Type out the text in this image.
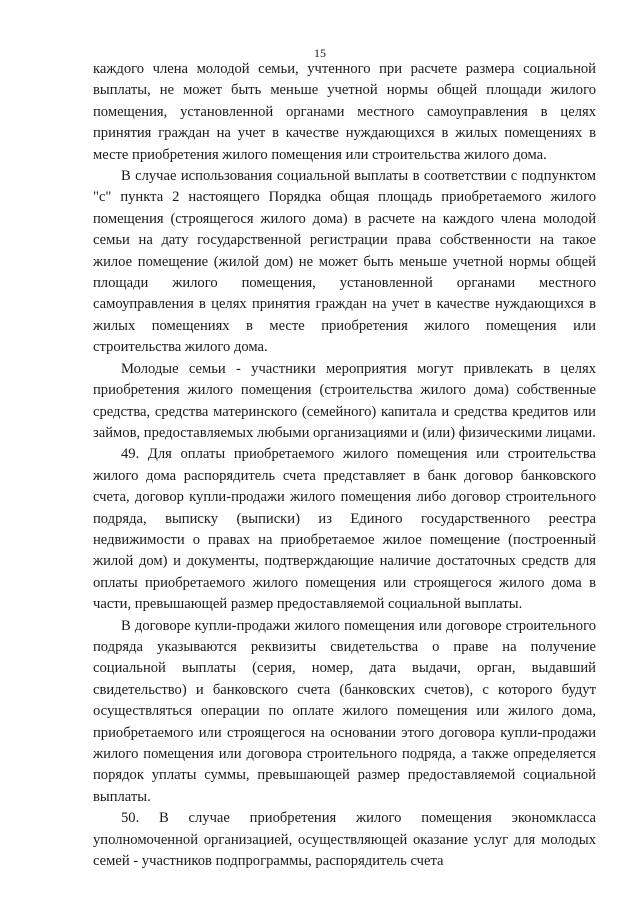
15

каждого члена молодой семьи, учтенного при расчете размера социальной выплаты, не может быть меньше учетной нормы общей площади жилого помещения, установленной органами местного самоуправления в целях принятия граждан на учет в качестве нуждающихся в жилых помещениях в месте приобретения жилого помещения или строительства жилого дома.

В случае использования социальной выплаты в соответствии с подпунктом "с" пункта 2 настоящего Порядка общая площадь приобретаемого жилого помещения (строящегося жилого дома) в расчете на каждого члена молодой семьи на дату государственной регистрации права собственности на такое жилое помещение (жилой дом) не может быть меньше учетной нормы общей площади жилого помещения, установленной органами местного самоуправления в целях принятия граждан на учет в качестве нуждающихся в жилых помещениях в месте приобретения жилого помещения или строительства жилого дома.

Молодые семьи - участники мероприятия могут привлекать в целях приобретения жилого помещения (строительства жилого дома) собственные средства, средства материнского (семейного) капитала и средства кредитов или займов, предоставляемых любыми организациями и (или) физическими лицами.

49. Для оплаты приобретаемого жилого помещения или строительства жилого дома распорядитель счета представляет в банк договор банковского счета, договор купли-продажи жилого помещения либо договор строительного подряда, выписку (выписки) из Единого государственного реестра недвижимости о правах на приобретаемое жилое помещение (построенный жилой дом) и документы, подтверждающие наличие достаточных средств для оплаты приобретаемого жилого помещения или строящегося жилого дома в части, превышающей размер предоставляемой социальной выплаты.

В договоре купли-продажи жилого помещения или договоре строительного подряда указываются реквизиты свидетельства о праве на получение социальной выплаты (серия, номер, дата выдачи, орган, выдавший свидетельство) и банковского счета (банковских счетов), с которого будут осуществляться операции по оплате жилого помещения или жилого дома, приобретаемого или строящегося на основании этого договора купли-продажи жилого помещения или договора строительного подряда, а также определяется порядок уплаты суммы, превышающей размер предоставляемой социальной выплаты.

50. В случае приобретения жилого помещения экономкласса уполномоченной организацией, осуществляющей оказание услуг для молодых семей - участников подпрограммы, распорядитель счета
